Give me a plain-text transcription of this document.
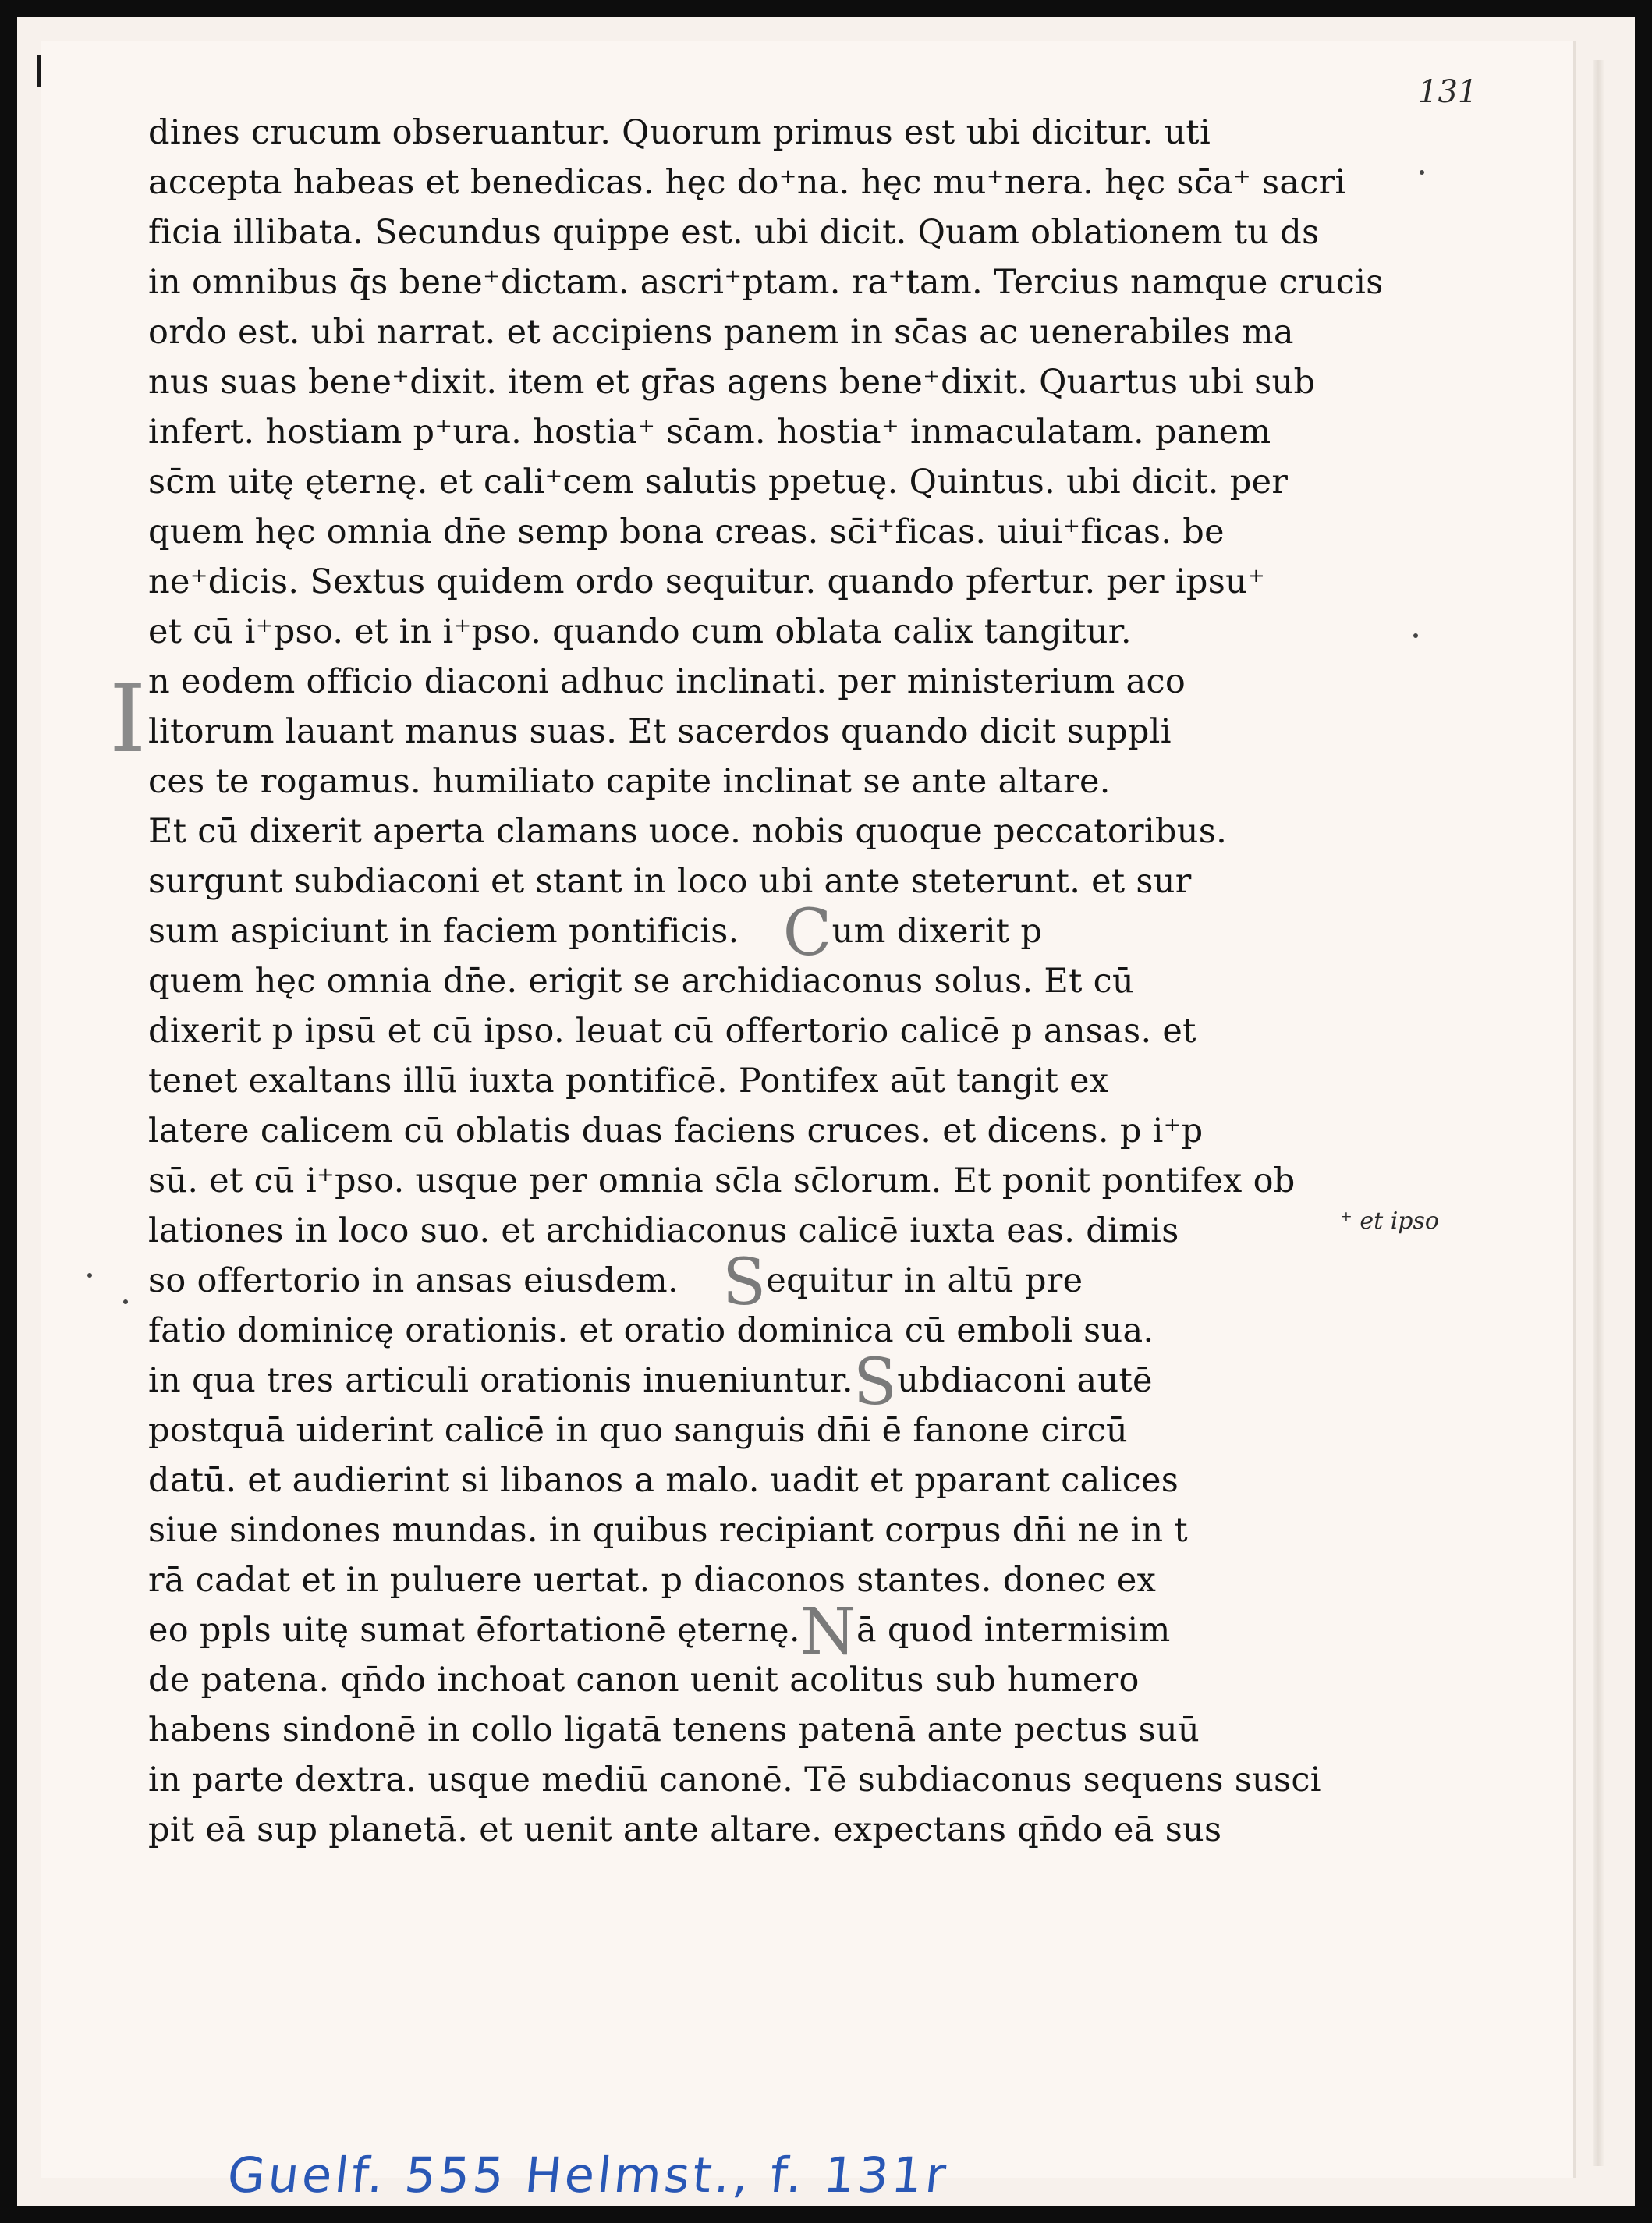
131
I
dines crucum obseruantur. Quorum primus est ubi dicitur. uti
accepta habeas et benedicas. hęc do⁺na. hęc mu⁺nera. hęc sc̄a⁺ sacri
ficia illibata. Secundus quippe est. ubi dicit. Quam oblationem tu ds
in omnibus q̄s bene⁺dictam. ascri⁺ptam. ra⁺tam. Tercius namque crucis
ordo est. ubi narrat. et accipiens panem in sc̄as ac uenerabiles ma
nus suas bene⁺dixit. item et gr̄as agens bene⁺dixit. Quartus ubi sub
infert. hostiam p⁺ura. hostia⁺ sc̄am. hostia⁺ inmaculatam. panem
sc̄m uitę ęternę. et cali⁺cem salutis ppetuę. Quintus. ubi dicit. per
quem hęc omnia dn̄e semp bona creas. sc̄i⁺ficas. uiui⁺ficas. be
ne⁺dicis. Sextus quidem ordo sequitur. quando pfertur. per ipsu⁺
et cū i⁺pso. et in i⁺pso. quando cum oblata calix tangitur.
n eodem officio diaconi adhuc inclinati. per ministerium aco
litorum lauant manus suas. Et sacerdos quando dicit suppli
ces te rogamus. humiliato capite inclinat se ante altare.
Et cū dixerit aperta clamans uoce. nobis quoque peccatoribus.
surgunt subdiaconi et stant in loco ubi ante steterunt. et sur
sum aspiciunt in faciem pontificis. Cum dixerit p
quem hęc omnia dn̄e. erigit se archidiaconus solus. Et cū
dixerit p ipsū et cū ipso. leuat cū offertorio calicē p ansas. et
tenet exaltans illū iuxta pontificē. Pontifex aūt tangit ex
latere calicem cū oblatis duas faciens cruces. et dicens. p i⁺p
sū. et cū i⁺pso. usque per omnia sc̄la sc̄lorum. Et ponit pontifex ob
lationes in loco suo. et archidiaconus calicē iuxta eas. dimis
so offertorio in ansas eiusdem. Sequitur in altū pre
fatio dominicę orationis. et oratio dominica cū emboli sua.
in qua tres articuli orationis inueniuntur.Subdiaconi autē
postquā uiderint calicē in quo sanguis dn̄i ē fanone circū
datū. et audierint si libanos a malo. uadit et pparant calices
siue sindones mundas. in quibus recipiant corpus dn̄i ne in t
rā cadat et in puluere uertat. p diaconos stantes. donec ex
eo ppls uitę sumat ēfortationē ęternę.Nā quod intermisim
de patena. qn̄do inchoat canon uenit acolitus sub humero
habens sindonē in collo ligatā tenens patenā ante pectus suū
in parte dextra. usque mediū canonē. Tē subdiaconus sequens susci
pit eā sup planetā. et uenit ante altare. expectans qn̄do eā sus
⁺ et ipso
Guelf. 555 Helmst., f. 131r
